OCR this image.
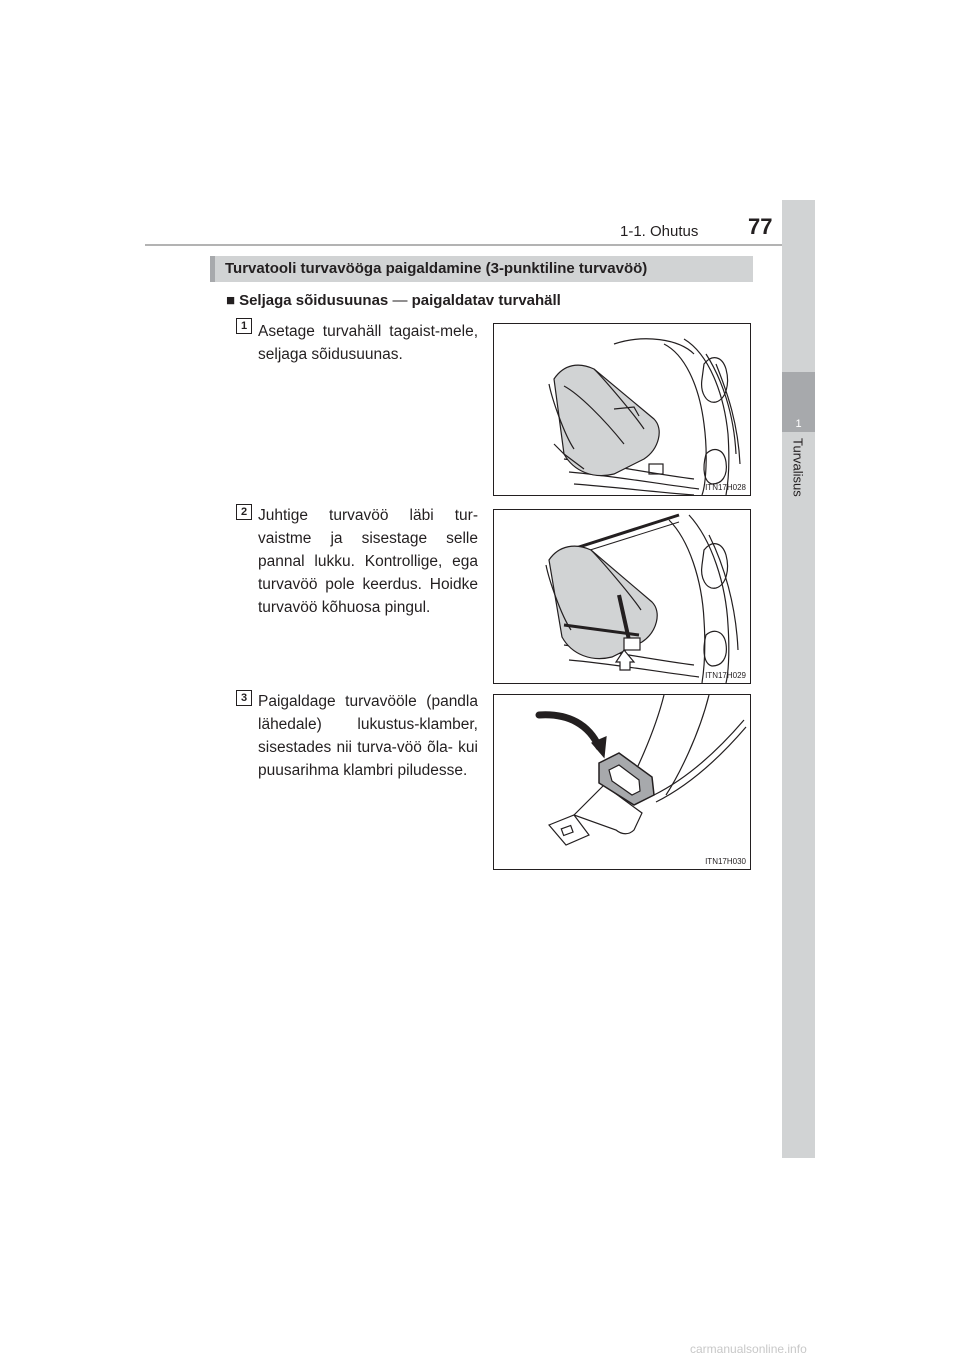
1-1. Ohutus 77
1
Turvalisus
Turvatooli turvavööga paigaldamine (3-punktiline turvavöö)
■ Seljaga sõidusuunas — paigaldatav turvahäll
1 Asetage turvahäll tagaist-mele, seljaga sõidusuunas.
ITN17H028
2 Juhtige turvavöö läbi tur-vaistme ja sisestage selle pannal lukku. Kontrollige, ega turvavöö pole keerdus. Hoidke turvavöö kõhuosa pingul.
ITN17H029
3 Paigaldage turvavööle (pandla lähedale) lukustus-klamber, sisestades nii turva-vöö õla- kui puusarihma klambri piludesse.
ITN17H030
carmanualsonline.info
